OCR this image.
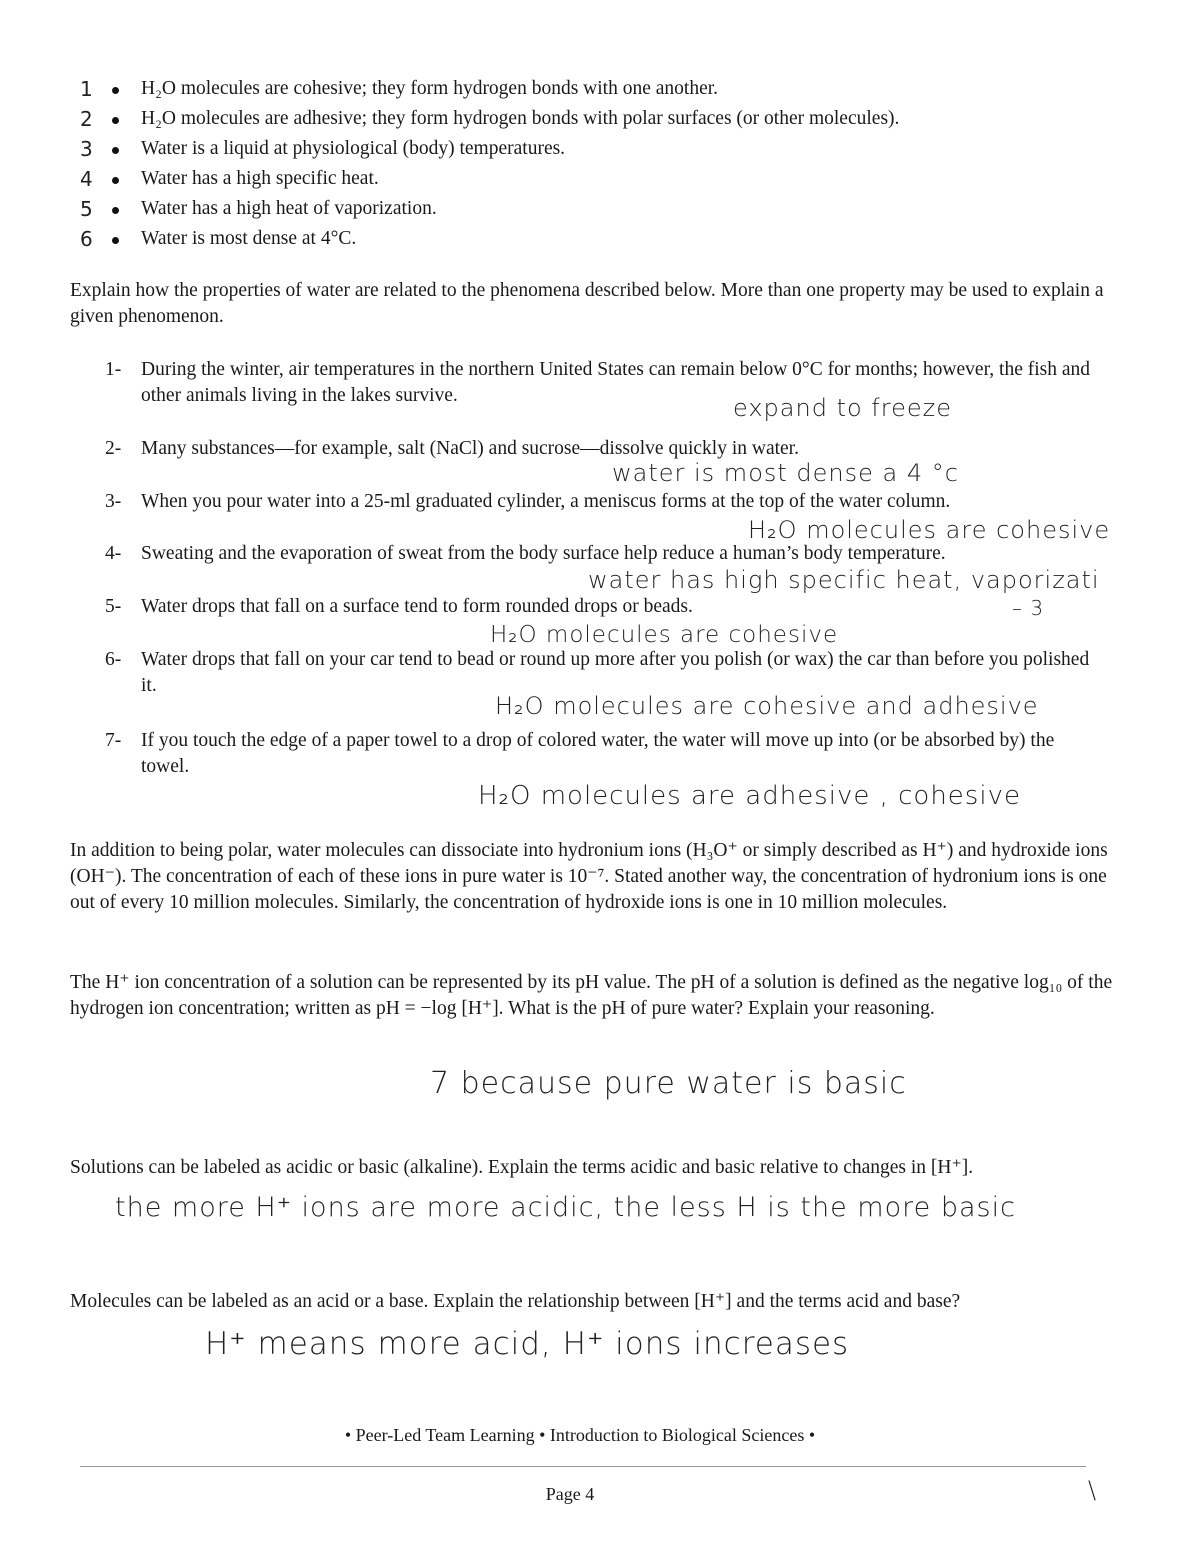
1 H₂O molecules are cohesive; they form hydrogen bonds with one another.
2 H₂O molecules are adhesive; they form hydrogen bonds with polar surfaces (or other molecules).
3 Water is a liquid at physiological (body) temperatures.
4 Water has a high specific heat.
5 Water has a high heat of vaporization.
6 Water is most dense at 4°C.
Explain how the properties of water are related to the phenomena described below. More than one property may be used to explain a given phenomenon.
1- During the winter, air temperatures in the northern United States can remain below 0°C for months; however, the fish and other animals living in the lakes survive.	expand to freeze
2- Many substances—for example, salt (NaCl) and sucrose—dissolve quickly in water.
water is most dense a 4 °c
3- When you pour water into a 25-ml graduated cylinder, a meniscus forms at the top of the water column.
H₂O molecules are cohesive
4- Sweating and the evaporation of sweat from the body surface help reduce a human’s body temperature.
water has high specific heat, vaporizati
– 3
5- Water drops that fall on a surface tend to form rounded drops or beads.
H₂O molecules are cohesive
6- Water drops that fall on your car tend to bead or round up more after you polish (or wax) the car than before you polished it.
H₂O molecules are cohesive and adhesive
7- If you touch the edge of a paper towel to a drop of colored water, the water will move up into (or be absorbed by) the towel.
H₂O molecules are adhesive , cohesive
In addition to being polar, water molecules can dissociate into hydronium ions (H₃O⁺ or simply described as H⁺) and hydroxide ions (OH⁻). The concentration of each of these ions in pure water is 10⁻⁷. Stated another way, the concentration of hydronium ions is one out of every 10 million molecules. Similarly, the concentration of hydroxide ions is one in 10 million molecules.
The H⁺ ion concentration of a solution can be represented by its pH value. The pH of a solution is defined as the negative log₁₀ of the hydrogen ion concentration; written as pH = −log [H⁺]. What is the pH of pure water? Explain your reasoning.
7 because pure water is basic
Solutions can be labeled as acidic or basic (alkaline). Explain the terms acidic and basic relative to changes in [H⁺].
the more H⁺ ions are more acidic, the less H is the more basic
Molecules can be labeled as an acid or a base. Explain the relationship between [H⁺] and the terms acid and base?
H⁺ means more acid, H⁺ ions increases
• Peer-Led Team Learning • Introduction to Biological Sciences •
Page 4	\
